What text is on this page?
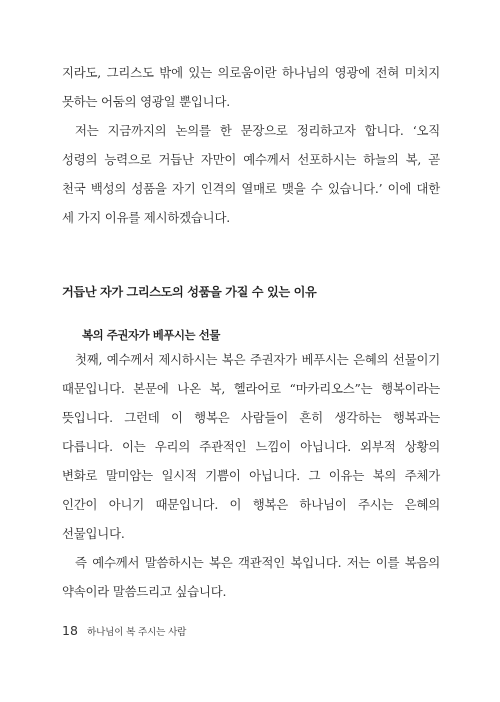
지라도, 그리스도 밖에 있는 의로움이란 하나님의 영광에 전혀 미치지 못하는 어둠의 영광일 뿐입니다.

저는 지금까지의 논의를 한 문장으로 정리하고자 합니다. ‘오직 성령의 능력으로 거듭난 자만이 예수께서 선포하시는 하늘의 복, 곧 천국 백성의 성품을 자기 인격의 열매로 맺을 수 있습니다.’ 이에 대한 세 가지 이유를 제시하겠습니다.

거듭난 자가 그리스도의 성품을 가질 수 있는 이유
복의 주권자가 베푸시는 선물

첫째, 예수께서 제시하시는 복은 주권자가 베푸시는 은혜의 선물이기 때문입니다. 본문에 나온 복, 헬라어로 “마카리오스”는 행복이라는 뜻입니다. 그런데 이 행복은 사람들이 흔히 생각하는 행복과는 다릅니다. 이는 우리의 주관적인 느낌이 아닙니다. 외부적 상황의 변화로 말미암는 일시적 기쁨이 아닙니다. 그 이유는 복의 주체가 인간이 아니기 때문입니다. 이 행복은 하나님이 주시는 은혜의 선물입니다.

즉 예수께서 말씀하시는 복은 객관적인 복입니다. 저는 이를 복음의 약속이라 말씀드리고 싶습니다.

18 하나님이 복 주시는 사람
